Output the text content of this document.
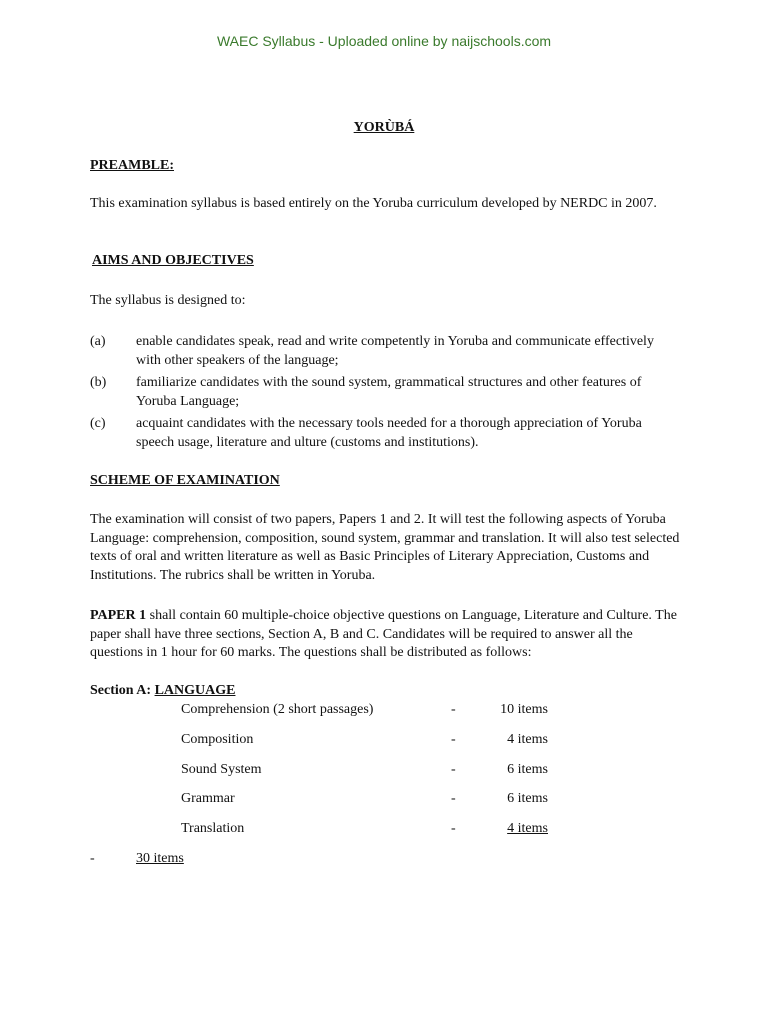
WAEC Syllabus - Uploaded online by naijschools.com
YORÙBÁ
PREAMBLE:
This examination syllabus is based entirely on the Yoruba curriculum developed by NERDC in 2007.
AIMS AND OBJECTIVES
The syllabus is designed to:
(a) enable candidates speak, read and write competently in Yoruba and communicate effectively with other speakers of the language;
(b) familiarize candidates with the sound system, grammatical structures and other features of Yoruba Language;
(c) acquaint candidates with the necessary tools needed for a thorough appreciation of Yoruba speech usage, literature and ulture (customs and institutions).
SCHEME OF EXAMINATION
The examination will consist of two papers, Papers 1 and 2. It will test the following aspects of Yoruba Language: comprehension, composition, sound system, grammar and translation. It will also test selected texts of oral and written literature as well as Basic Principles of Literary Appreciation, Customs and Institutions. The rubrics shall be written in Yoruba.
PAPER 1 shall contain 60 multiple-choice objective questions on Language, Literature and Culture. The paper shall have three sections, Section A, B and C. Candidates will be required to answer all the questions in 1 hour for 60 marks. The questions shall be distributed as follows:
Section A: LANGUAGE
Comprehension (2 short passages)	-	10 items
Composition	-	4 items
Sound System	-	6 items
Grammar	-	6 items
Translation	-	4 items
-	30 items
